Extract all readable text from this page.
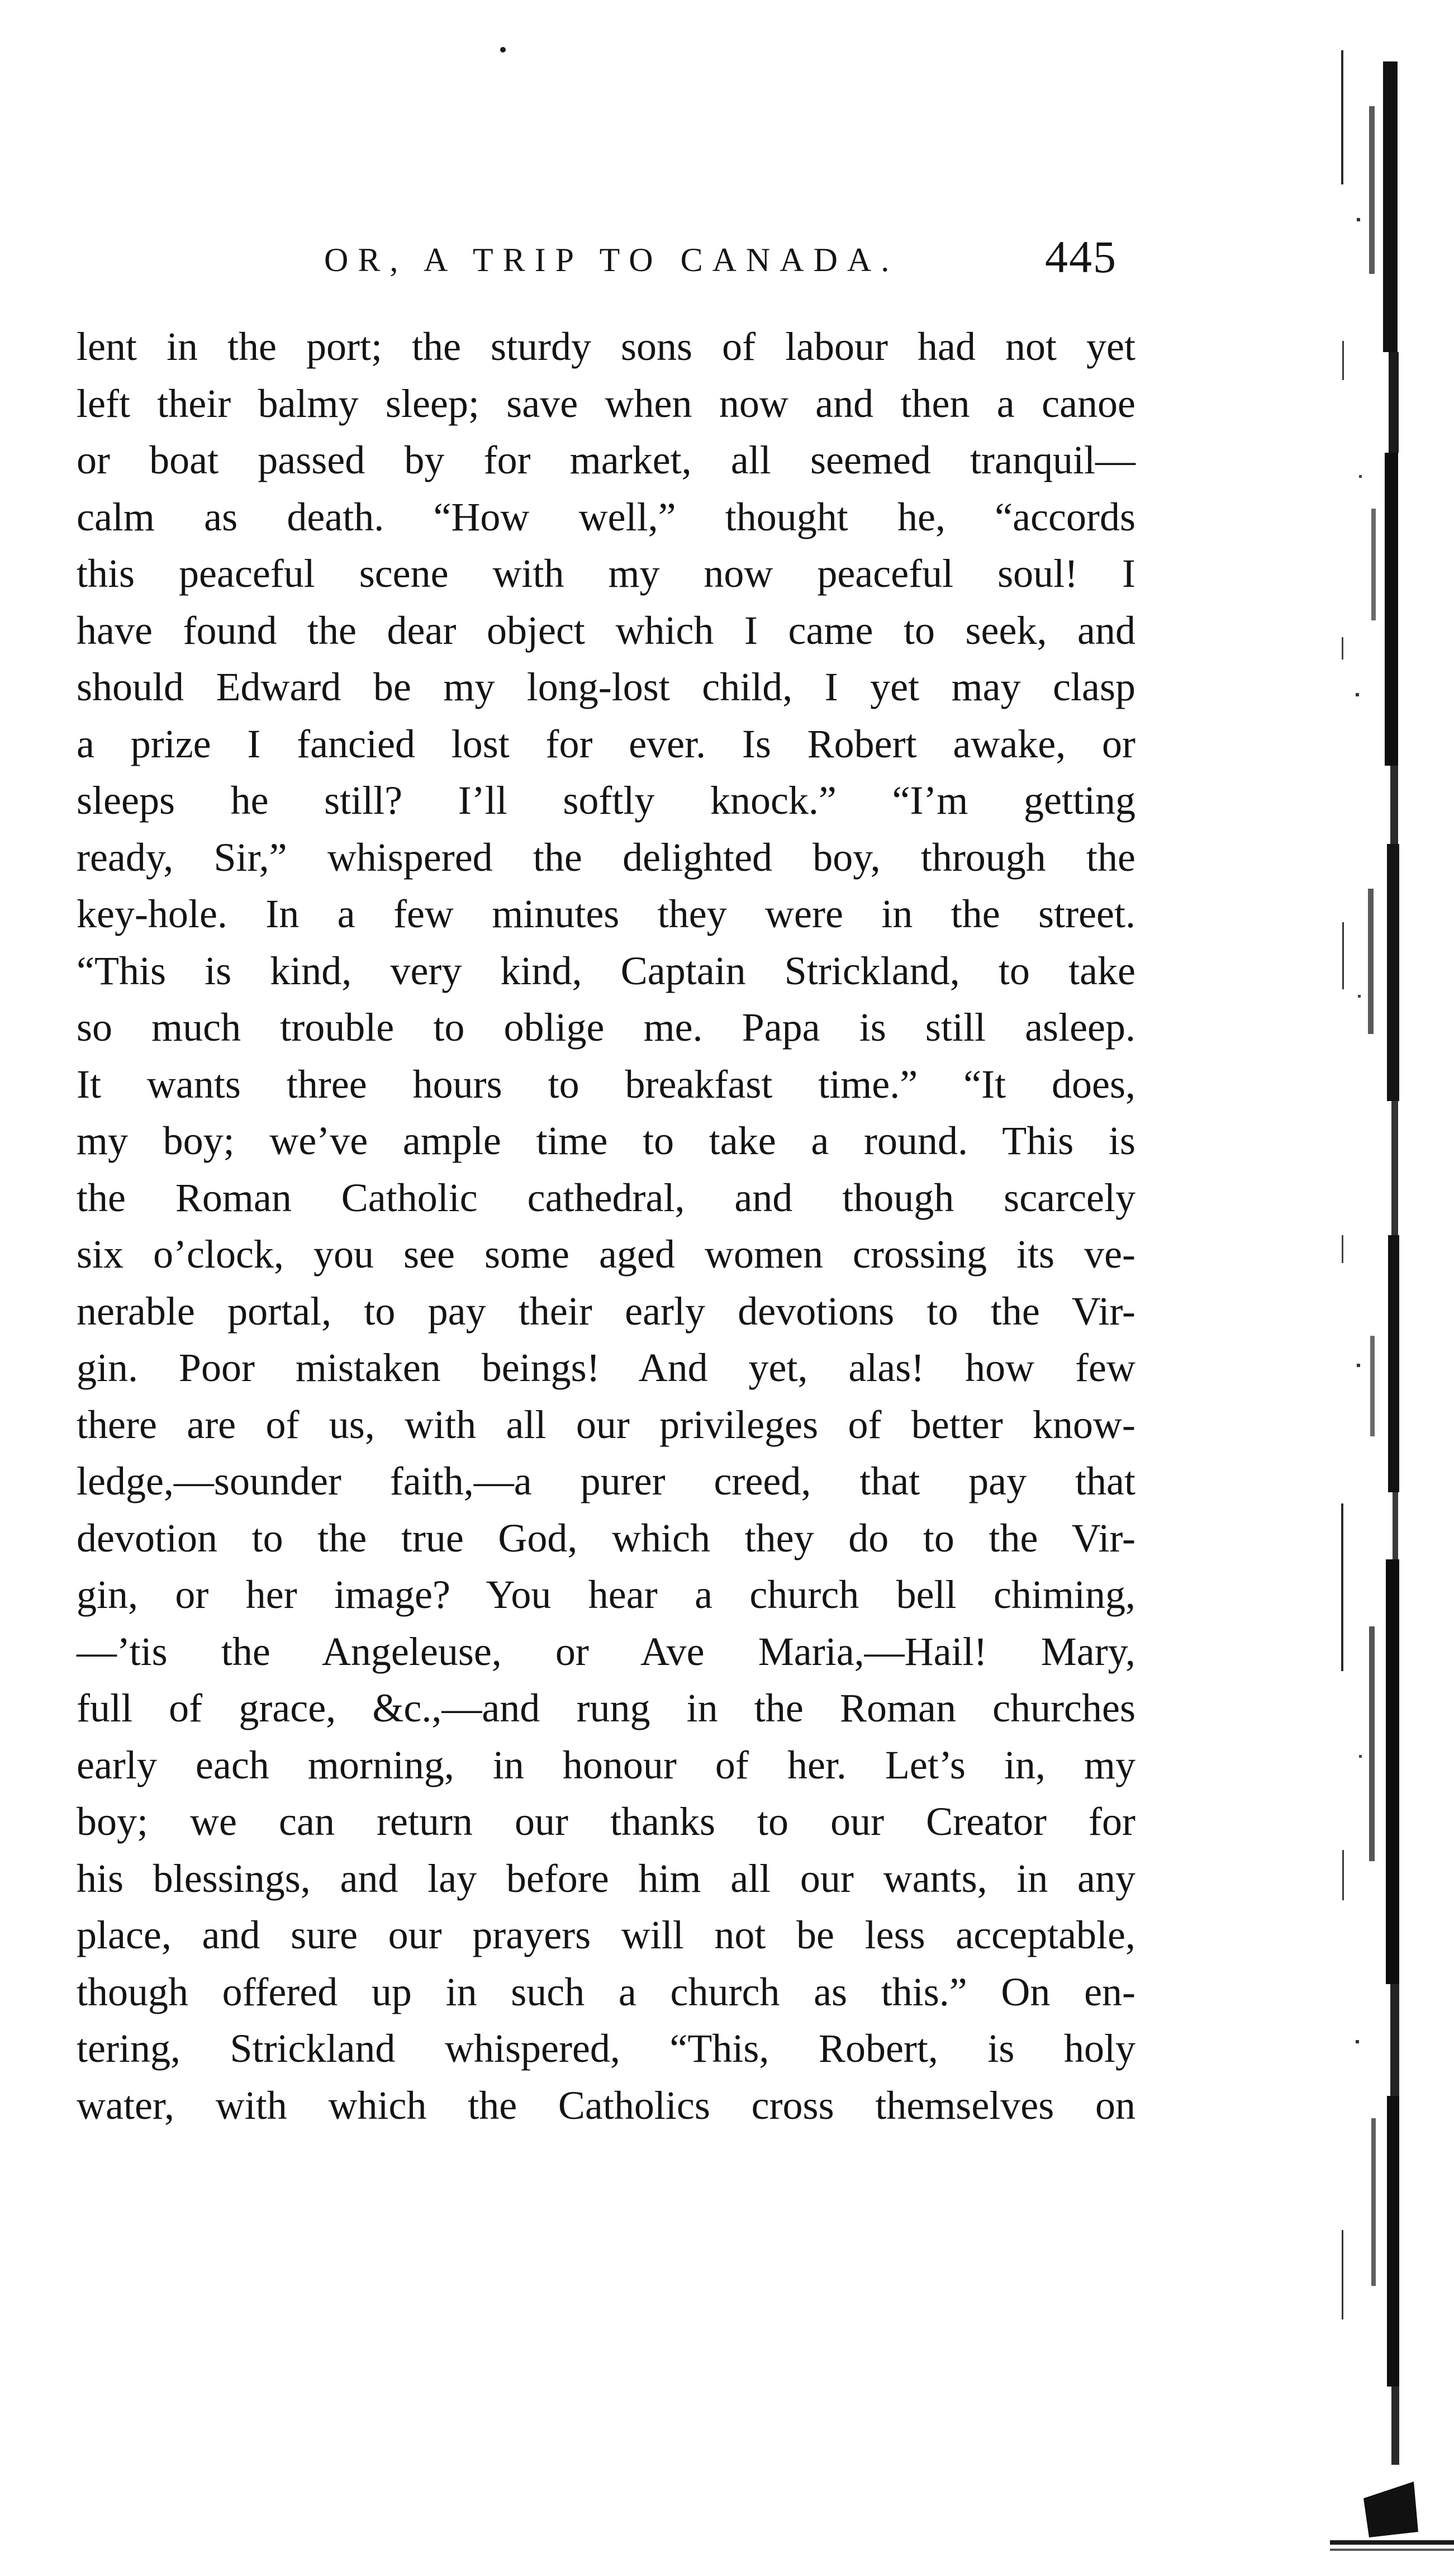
OR, A TRIP TO CANADA.	445
lent in the port; the sturdy sons of labour had not yet
left their balmy sleep; save when now and then a canoe
or boat passed by for market, all seemed tranquil—
calm as death. “How well,” thought he, “accords
this peaceful scene with my now peaceful soul! I
have found the dear object which I came to seek, and
should Edward be my long-lost child, I yet may clasp
a prize I fancied lost for ever. Is Robert awake, or
sleeps he still? I’ll softly knock.” “I’m getting
ready, Sir,” whispered the delighted boy, through the
key-hole. In a few minutes they were in the street.
“This is kind, very kind, Captain Strickland, to take
so much trouble to oblige me. Papa is still asleep.
It wants three hours to breakfast time.” “It does,
my boy; we’ve ample time to take a round. This is
the Roman Catholic cathedral, and though scarcely
six o’clock, you see some aged women crossing its ve-
nerable portal, to pay their early devotions to the Vir-
gin. Poor mistaken beings! And yet, alas! how few
there are of us, with all our privileges of better know-
ledge,—sounder faith,—a purer creed, that pay that
devotion to the true God, which they do to the Vir-
gin, or her image? You hear a church bell chiming,
—’tis the Angeleuse, or Ave Maria,—Hail! Mary,
full of grace, &c.,—and rung in the Roman churches
early each morning, in honour of her. Let’s in, my
boy; we can return our thanks to our Creator for
his blessings, and lay before him all our wants, in any
place, and sure our prayers will not be less acceptable,
though offered up in such a church as this.” On en-
tering, Strickland whispered, “This, Robert, is holy
water, with which the Catholics cross themselves on
